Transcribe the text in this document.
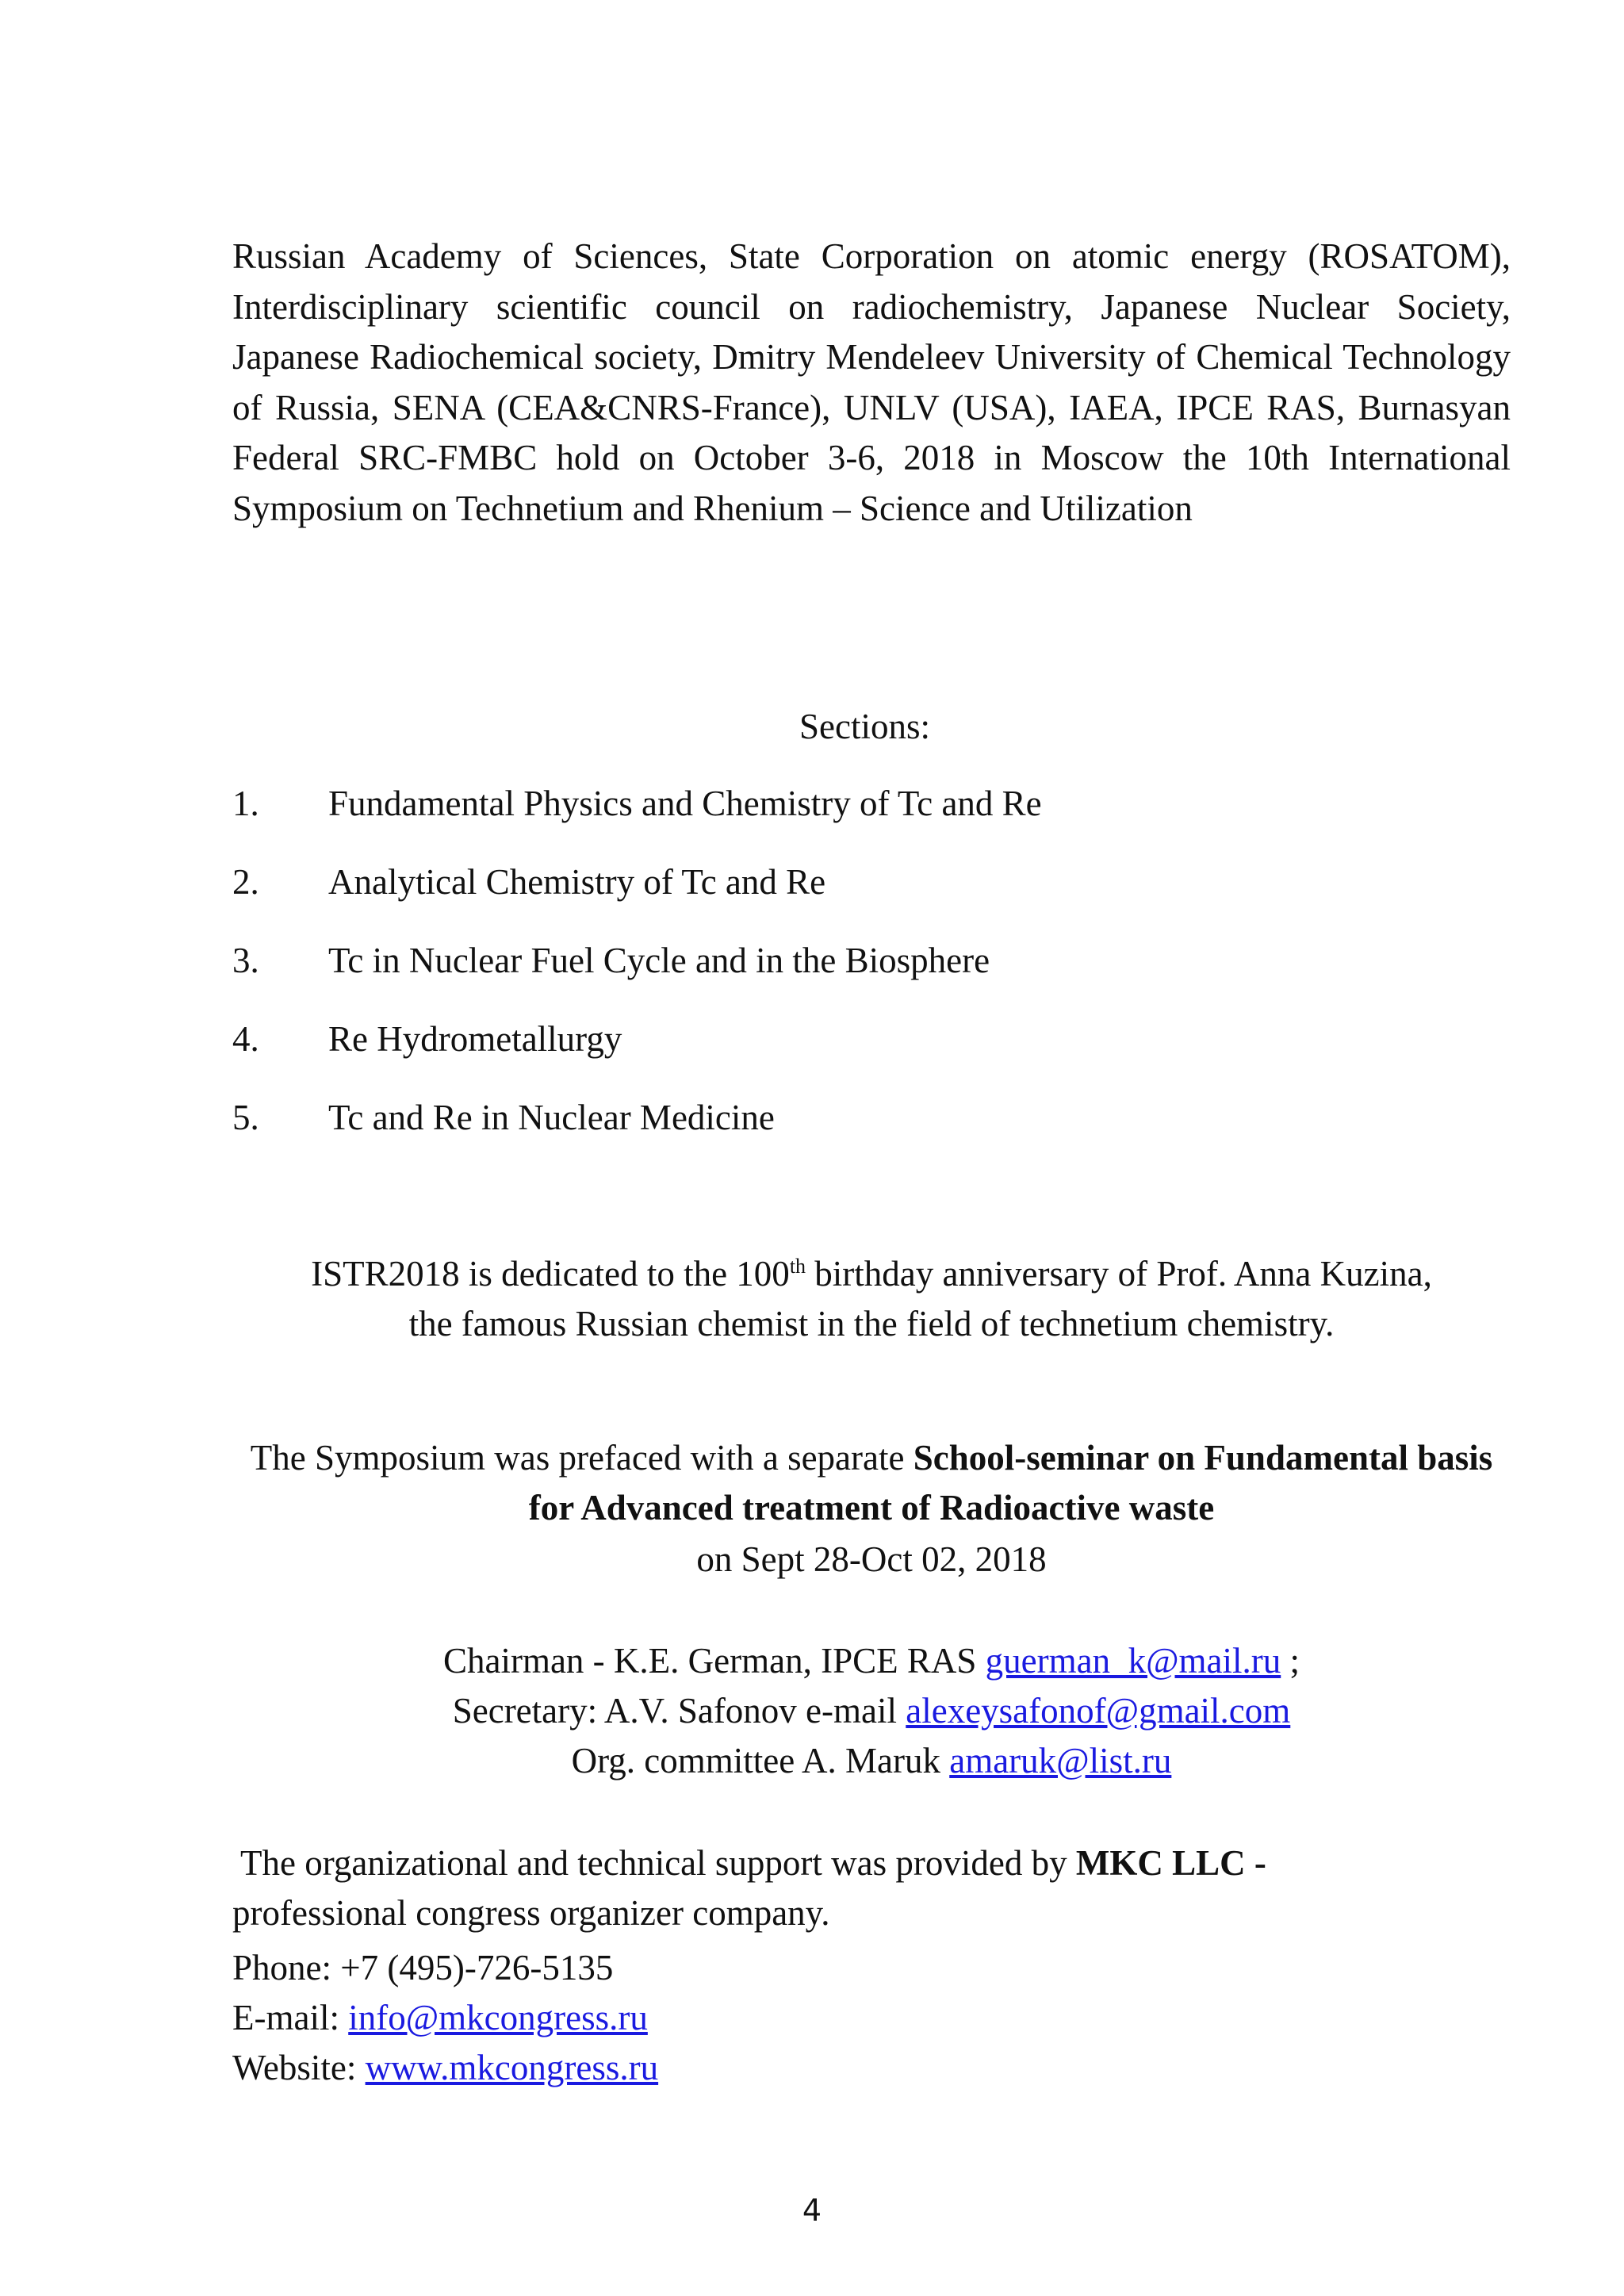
Russian Academy of Sciences, State Corporation on atomic energy (ROSATOM), Interdisciplinary scientific council on radiochemistry, Japanese Nuclear Society, Japanese Radiochemical society, Dmitry Mendeleev University of Chemical Technology of Russia, SENA (CEA&CNRS-France), UNLV (USA), IAEA, IPCE RAS, Burnasyan Federal SRC-FMBC hold on October 3-6, 2018 in Moscow the 10th International Symposium on Technetium and Rhenium – Science and Utilization

Sections:

1.	Fundamental Physics and Chemistry of Tc and Re
2.	Analytical Chemistry of Tc and Re
3.	Tc in Nuclear Fuel Cycle and in the Biosphere
4.	Re Hydrometallurgy
5.	Tc and Re in Nuclear Medicine

ISTR2018 is dedicated to the 100th birthday anniversary of Prof. Anna Kuzina,
the famous Russian chemist in the field of technetium chemistry.

The Symposium was prefaced with a separate School-seminar on Fundamental basis for Advanced treatment of Radioactive waste
on Sept 28-Oct 02, 2018

Chairman - K.E. German, IPCE RAS guerman_k@mail.ru ;
Secretary: A.V. Safonov e-mail alexeysafonof@gmail.com
Org. committee A. Maruk amaruk@list.ru

The organizational and technical support was provided by MKC LLC -
professional congress organizer company.

Phone: +7 (495)-726-5135
E-mail: info@mkcongress.ru
Website: www.mkcongress.ru

4
